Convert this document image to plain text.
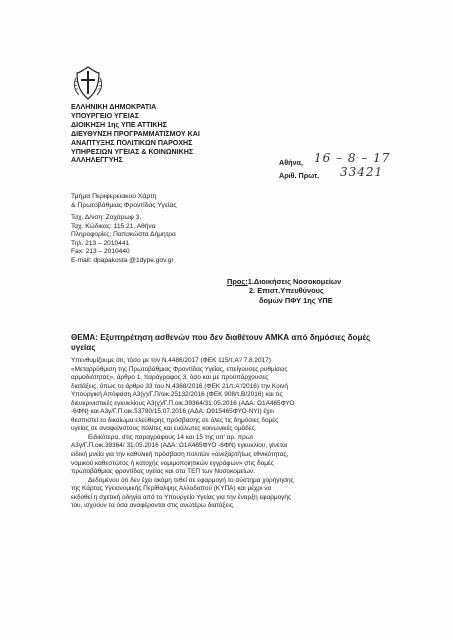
ΕΛΛΗΝΙΚΗ ΔΗΜΟΚΡΑΤΙΑ
ΥΠΟΥΡΓΕΙΟ ΥΓΕΙΑΣ
ΔΙΟΙΚΗΣΗ 1ης ΥΠΕ ΑΤΤΙΚΗΣ
ΔΙΕΥΘΥΝΣΗ ΠΡΟΓΡΑΜΜΑΤΙΣΜΟΥ ΚΑΙ
ΑΝΑΠΤΥΞΗΣ ΠΟΛΙΤΙΚΩΝ ΠΑΡΟΧΗΣ
ΥΠΗΡΕΣΙΩΝ ΥΓΕΙΑΣ & ΚΟΙΝΩΝΙΚΗΣ
ΑΛΛΗΛΕΓΓΥΗΣ
Τμήμα Περιφερειακού Χάρτη
& Πρωτοβάθμιας Φροντίδας Υγείας
Ταχ. Δ/νση: Ζαχάρωφ 3,
Ταχ. Κώδικας: 115 21, Αθήνα
Πληροφορίες: Παπακώστα Δήμητρα
Τηλ. 213 – 2010441
Fax: 213 – 2010440
E-mail: dpapakosta @1dype.gov.gr
Αθήνα, 16 – 8 – 17
Αριθ. Πρωτ. 33421
Προς:1.Διοικήσεις Νοσοκομείων
2. Επιστ.Υπευθύνους
δομών ΠΦΥ 1ης ΥΠΕ
ΘΕΜΑ: Εξυπηρέτηση ασθενών που δεν διαθέτουν ΑΜΚΑ από δημόσιες δομές υγείας
Υπενθυμίζουμε ότι, τόσο με τον Ν.4486/2017 (ΦΕΚ 115/τ.Α'/ 7.8.2017)
«Μεταρρύθμιση της Πρωτοβάθμιας Φροντίδας Υγείας, επείγουσες ρυθμίσεις
αρμοδιότητας», άρθρο 1, παράγραφος 3, όσο και με προϋπάρχουσες
διατάξεις, όπως το άρθρο 33 του Ν.4368/2016 (ΦΕΚ 21/τ.Α'/2016) την Κοινή
Υπουργική Απόφαση Α3(γ)/Γ.Π/οικ.25132/2016 (ΦΕΚ 908/τ.Β/2016) και τις
διευκρινιστικές εγκυκλίους Α3(γ)/Γ.Π.οικ.39364/31.05.2016 (ΑΔΑ: Ω1Α465ΦΥΟ
-6ΦΝ) και Α3γ/Γ.Π.οικ.53790/15.07.2016 (ΑΔΑ: Ω915465ΦΥΟ-ΝΥΙ) έχει
θεσπιστεί το δικαίωμα ελεύθερης πρόσβασης σε όλες τις δημόσιες δομές
υγείας σε αναφαλιστους πολίτες και ευάλωτες κοινωνικές ομάδες.
Ειδικότερα, στις παραγράφους 14 και 15 της υπ' αρ. πρωτ.
Α3γ/Γ.Π.οικ.39364/ 31.05.2016 (ΑΔΑ: Ω1Α465ΦΥΟ -6ΦΝ) εγκυκλίου, γίνεται
ειδική μνεία για την καθολική πρόσβαση πολιτών «ανεξαρτήτως εθνικότητας,
νομικού καθεστώτος ή κατοχής νομιμοποιητικών εγγράφων» στις δομές
πρωτοβάθμιας φροντίδας υγείας και στα ΤΕΠ των Νοσοκομείων.
Δεδομένου ότι δεν έχει ακόμη τεθεί σε εφαρμογή το σύστημα χορήγησης
της Κάρτας Υγειονομικής Περίθαλψης Αλλοδαπού (ΚΥΠΑ) και μέχρι να
εκδοθεί η σχετική οδηγία από το Υπουργείο Υγείας για την έναρξη εφαρμογής
του, ισχύουν τα όσα αναφέρονται στις ανωτέρω διατάξεις.
